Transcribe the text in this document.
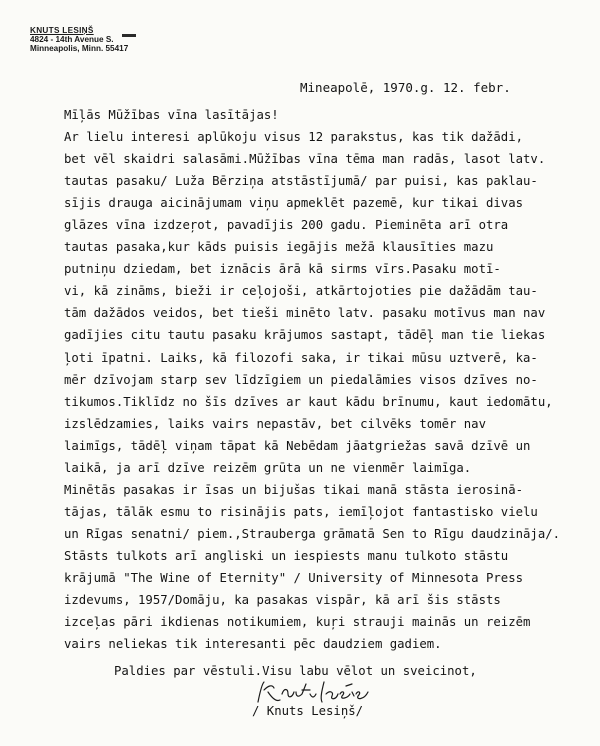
KNUTS LESIŅŠ
4824 - 14th Avenue S.
Minneapolis, Minn. 55417
Mineapolē, 1970.g. 12. febr.
Mīļās Mūžības vīna lasītājas!
Ar lielu interesi aplūkoju visus 12 parakstus, kas tik dažādi,
bet vēl skaidri salasāmi.Mūžības vīna tēma man radās, lasot latv.
tautas pasaku/ Luža Bērziņa atstāstījumā/ par puisi, kas paklau-
sījis drauga aicinājumam viņu apmeklēt pazemē, kur tikai divas
glāzes vīna izdzeŗot, pavadījis 200 gadu. Pieminēta arī otra
tautas pasaka,kur kāds puisis iegājis mežā klausīties mazu
putniņu dziedam, bet iznācis ārā kā sirms vīrs.Pasaku motī-
vi, kā zināms, bieži ir ceļojoši, atkārtojoties pie dažādām tau-
tām dažādos veidos, bet tieši minēto latv. pasaku motīvus man nav
gadījies citu tautu pasaku krājumos sastapt, tādēļ man tie liekas
ļoti īpatni. Laiks, kā filozofi saka, ir tikai mūsu uztverē, ka-
mēr dzīvojam starp sev līdzīgiem un piedalāmies visos dzīves no-
tikumos.Tiklīdz no šīs dzīves ar kaut kādu brīnumu, kaut iedomātu,
izslēdzamies, laiks vairs nepastāv, bet cilvēks tomēr nav
laimīgs, tādēļ viņam tāpat kā Nebēdam jāatgriežas savā dzīvē un
laikā, ja arī dzīve reizēm grūta un ne vienmēr laimīga.
Minētās pasakas ir īsas un bijušas tikai manā stāsta ierosinā-
tājas, tālāk esmu to risinājis pats, iemīļojot fantastisko vielu
un Rīgas senatni/ piem.,Strauberga grāmatā Sen to Rīgu daudzināja/.
Stāsts tulkots arī angliski un iespiests manu tulkoto stāstu
krājumā "The Wine of Eternity" / University of Minnesota Press
izdevums, 1957/Domāju, ka pasakas vispār, kā arī šis stāsts
izceļas pāri ikdienas notikumiem, kuŗi strauji mainās un reizēm
vairs neliekas tik interesanti pēc daudziem gadiem.
Paldies par vēstuli.Visu labu vēlot un sveicinot,
/ Knuts Lesiņš/
